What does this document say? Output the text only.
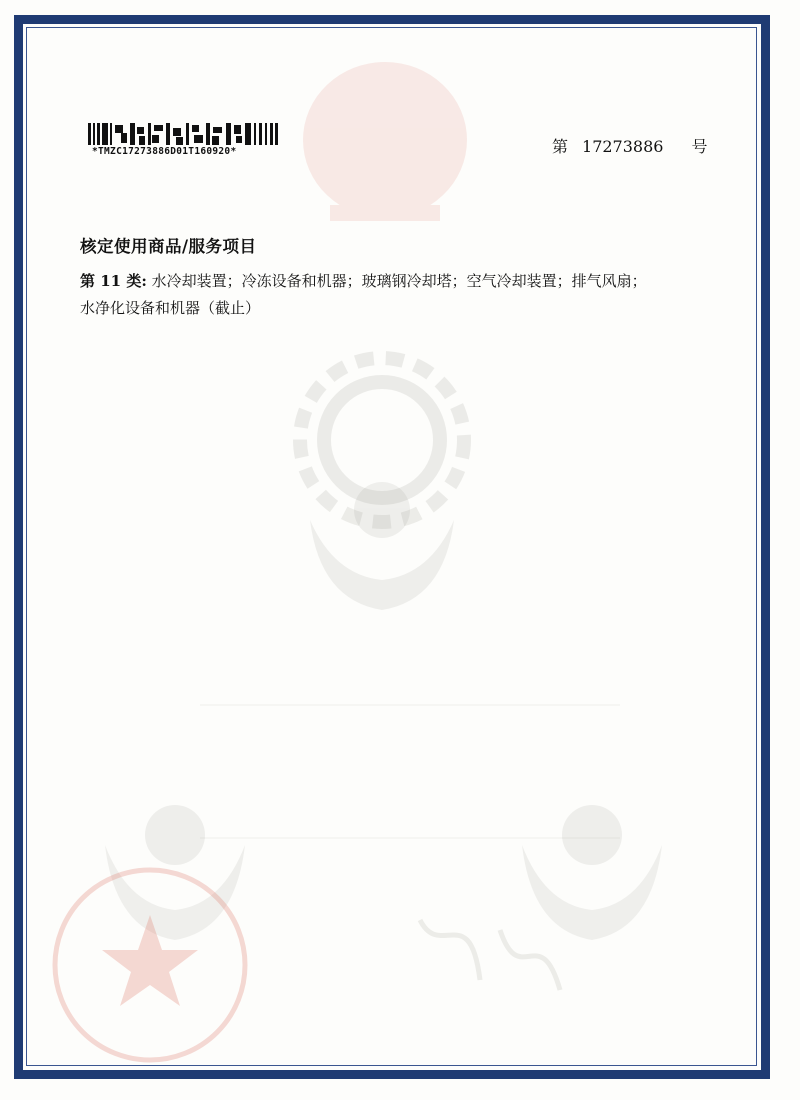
*TMZC17273886D01T160920*	第 17273886 号
核定使用商品/服务项目
第 11 类: 水冷却装置；冷冻设备和机器；玻璃钢冷却塔；空气冷却装置；排气风扇；
水净化设备和机器（截止）
